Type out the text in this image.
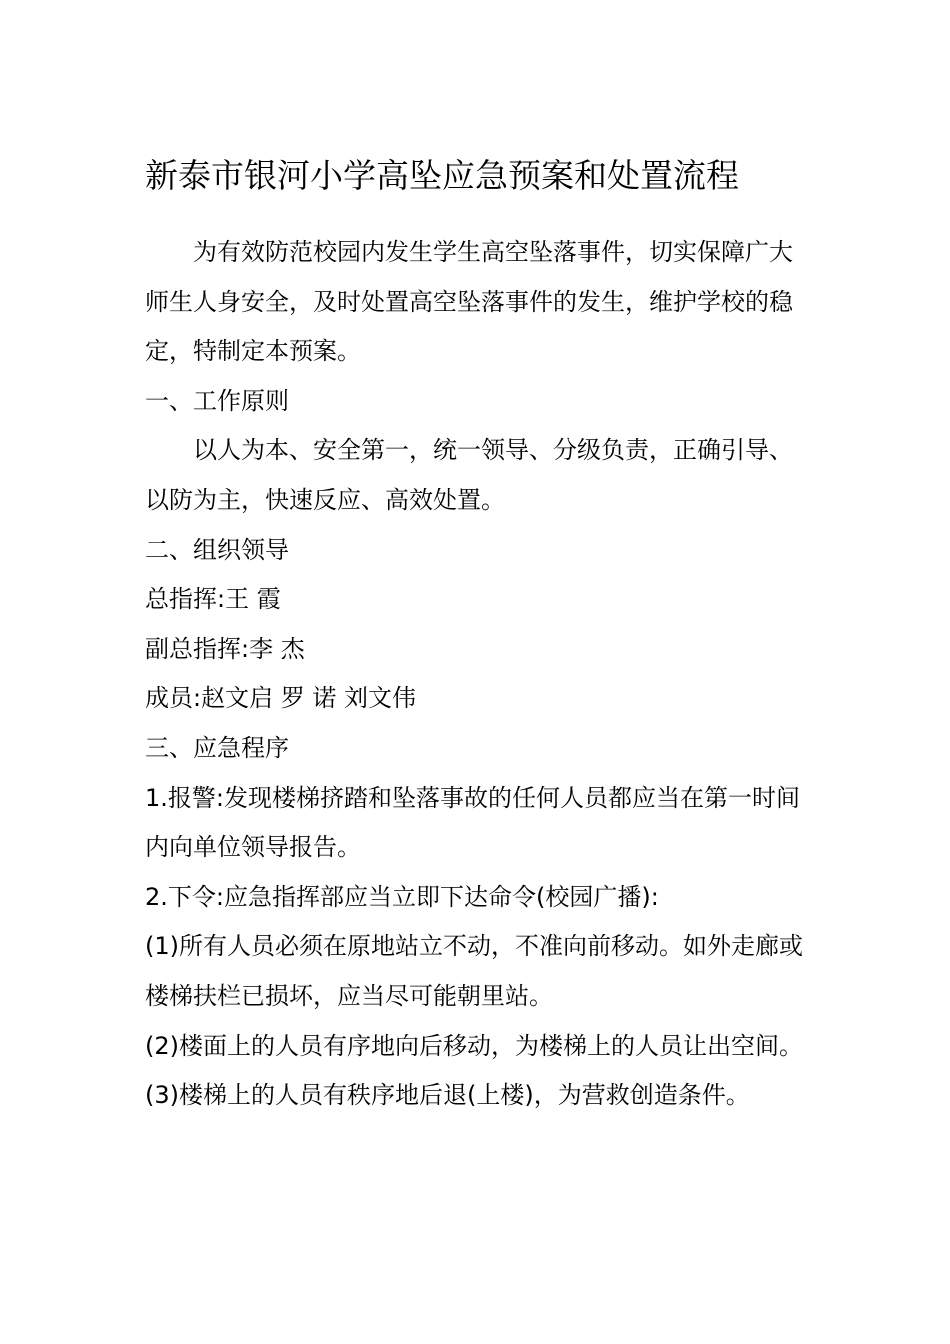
新泰市银河小学高坠应急预案和处置流程

为有效防范校园内发生学生高空坠落事件，切实保障广大师生人身安全，及时处置高空坠落事件的发生，维护学校的稳定，特制定本预案。

一、工作原则

以人为本、安全第一，统一领导、分级负责，正确引导、以防为主，快速反应、高效处置。

二、组织领导

总指挥:王 霞

副总指挥:李 杰

成员:赵文启 罗 诺 刘文伟

三、应急程序

1.报警:发现楼梯挤踏和坠落事故的任何人员都应当在第一时间内向单位领导报告。

2.下令:应急指挥部应当立即下达命令(校园广播):

(1)所有人员必须在原地站立不动，不准向前移动。如外走廊或楼梯扶栏已损坏，应当尽可能朝里站。

(2)楼面上的人员有序地向后移动，为楼梯上的人员让出空间。

(3)楼梯上的人员有秩序地后退(上楼)，为营救创造条件。
